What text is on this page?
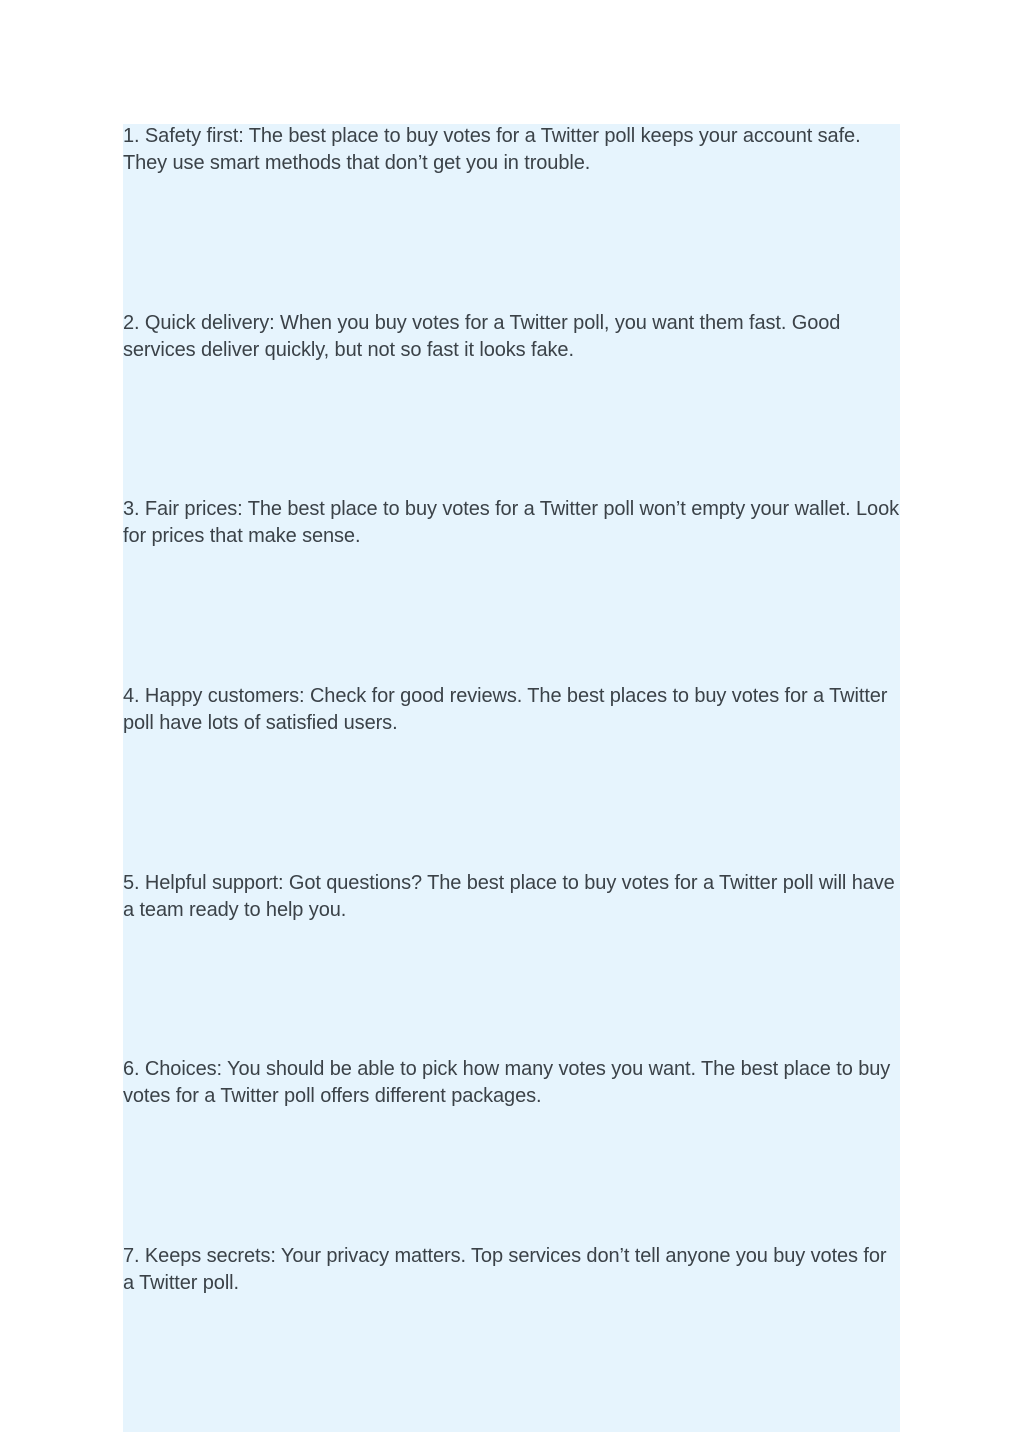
1. Safety first: The best place to buy votes for a Twitter poll keeps your account safe. They use smart methods that don’t get you in trouble.

2. Quick delivery: When you buy votes for a Twitter poll, you want them fast. Good services deliver quickly, but not so fast it looks fake.

3. Fair prices: The best place to buy votes for a Twitter poll won’t empty your wallet. Look for prices that make sense.

4. Happy customers: Check for good reviews. The best places to buy votes for a Twitter poll have lots of satisfied users.

5. Helpful support: Got questions? The best place to buy votes for a Twitter poll will have a team ready to help you.

6. Choices: You should be able to pick how many votes you want. The best place to buy votes for a Twitter poll offers different packages.

7. Keeps secrets: Your privacy matters. Top services don’t tell anyone you buy votes for a Twitter poll.
